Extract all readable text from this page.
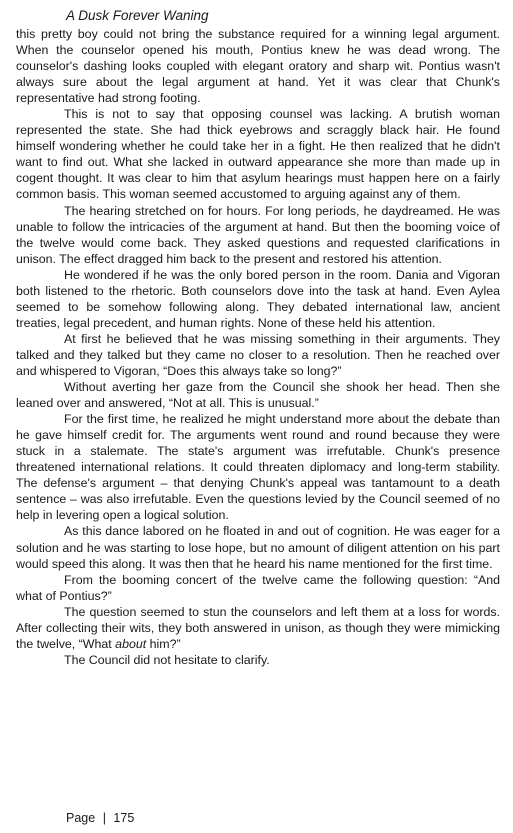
A Dusk Forever Waning

this pretty boy could not bring the substance required for a winning legal argument. When the counselor opened his mouth, Pontius knew he was dead wrong. The counselor's dashing looks coupled with elegant oratory and sharp wit. Pontius wasn't always sure about the legal argument at hand. Yet it was clear that Chunk's representative had strong footing.

This is not to say that opposing counsel was lacking. A brutish woman represented the state. She had thick eyebrows and scraggly black hair. He found himself wondering whether he could take her in a fight. He then realized that he didn't want to find out. What she lacked in outward appearance she more than made up in cogent thought. It was clear to him that asylum hearings must happen here on a fairly common basis. This woman seemed accustomed to arguing against any of them.

The hearing stretched on for hours. For long periods, he daydreamed. He was unable to follow the intricacies of the argument at hand. But then the booming voice of the twelve would come back. They asked questions and requested clarifications in unison. The effect dragged him back to the present and restored his attention.

He wondered if he was the only bored person in the room. Dania and Vigoran both listened to the rhetoric. Both counselors dove into the task at hand. Even Aylea seemed to be somehow following along. They debated international law, ancient treaties, legal precedent, and human rights. None of these held his attention.

At first he believed that he was missing something in their arguments. They talked and they talked but they came no closer to a resolution. Then he reached over and whispered to Vigoran, “Does this always take so long?”

Without averting her gaze from the Council she shook her head. Then she leaned over and answered, “Not at all. This is unusual.”

For the first time, he realized he might understand more about the debate than he gave himself credit for. The arguments went round and round because they were stuck in a stalemate. The state's argument was irrefutable. Chunk's presence threatened international relations. It could threaten diplomacy and long-term stability. The defense's argument – that denying Chunk's appeal was tantamount to a death sentence – was also irrefutable. Even the questions levied by the Council seemed of no help in levering open a logical solution.

As this dance labored on he floated in and out of cognition. He was eager for a solution and he was starting to lose hope, but no amount of diligent attention on his part would speed this along. It was then that he heard his name mentioned for the first time.

From the booming concert of the twelve came the following question: “And what of Pontius?”

The question seemed to stun the counselors and left them at a loss for words. After collecting their wits, they both answered in unison, as though they were mimicking the twelve, “What about him?”

The Council did not hesitate to clarify.

Page | 175
